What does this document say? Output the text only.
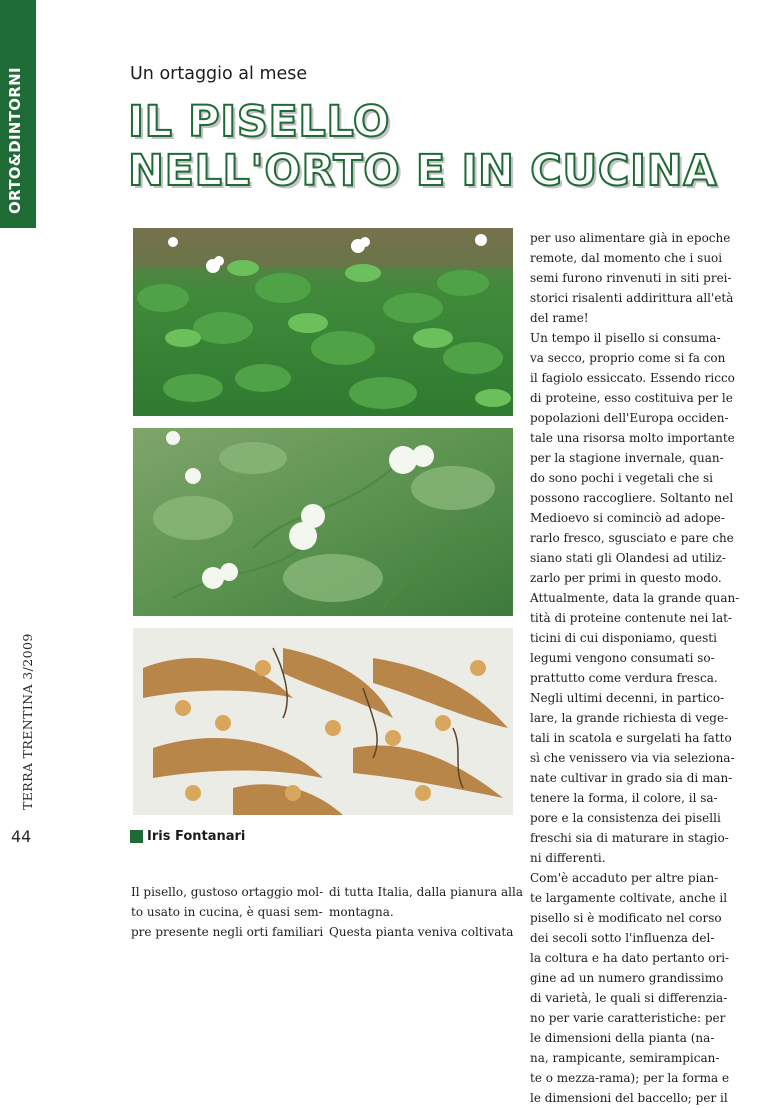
ORTO&DINTORNI
TERRA TRENTINA 3/2009
44
Un ortaggio al mese
IL PISELLO
NELL'ORTO E IN CUCINA
Iris Fontanari

Il pisello, gustoso ortaggio mol-
to usato in cucina, è quasi sem-
pre presente negli orti familiari

di tutta Italia, dalla pianura alla
montagna.
Questa pianta veniva coltivata

per uso alimentare già in epoche
remote, dal momento che i suoi
semi furono rinvenuti in siti prei-
storici risalenti addirittura all'età
del rame!
Un tempo il pisello si consuma-
va secco, proprio come si fa con
il fagiolo essiccato. Essendo ricco
di proteine, esso costituiva per le
popolazioni dell'Europa occiden-
tale una risorsa molto importante
per la stagione invernale, quan-
do sono pochi i vegetali che si
possono raccogliere. Soltanto nel
Medioevo si cominciò ad adope-
rarlo fresco, sgusciato e pare che
siano stati gli Olandesi ad utiliz-
zarlo per primi in questo modo.
Attualmente, data la grande quan-
tità di proteine contenute nei lat-
ticini di cui disponiamo, questi
legumi vengono consumati so-
prattutto come verdura fresca.
Negli ultimi decenni, in partico-
lare, la grande richiesta di vege-
tali in scatola e surgelati ha fatto
sì che venissero via via seleziona-
nate cultivar in grado sia di man-
tenere la forma, il colore, il sa-
pore e la consistenza dei piselli
freschi sia di maturare in stagio-
ni differenti.
Com'è accaduto per altre pian-
te largamente coltivate, anche il
pisello si è modificato nel corso
dei secoli sotto l'influenza del-
la coltura e ha dato pertanto ori-
gine ad un numero grandissimo
di varietà, le quali si differenzia-
no per varie caratteristiche: per
le dimensioni della pianta (na-
na, rampicante, semirampican-
te o mezza-rama); per la forma e
le dimensioni del baccello; per il
